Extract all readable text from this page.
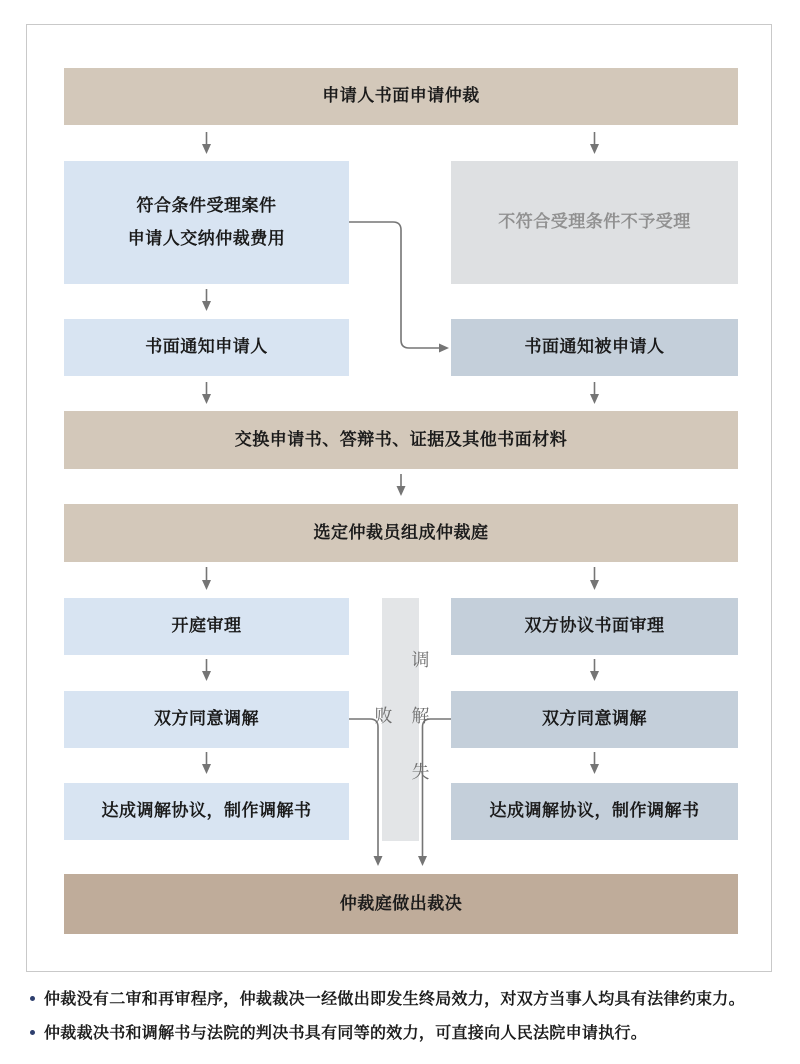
申请人书面申请仲裁
符合条件受理案件
申请人交纳仲裁费用
不符合受理条件不予受理
书面通知申请人	书面通知被申请人
交换申请书、答辩书、证据及其他书面材料
选定仲裁员组成仲裁庭
开庭审理	双方协议书面审理
双方同意调解	双方同意调解
达成调解协议，制作调解书	达成调解协议，制作调解书
调解失败
仲裁庭做出裁决
仲裁没有二审和再审程序，仲裁裁决一经做出即发生终局效力，对双方当事人均具有法律约束力。
仲裁裁决书和调解书与法院的判决书具有同等的效力，可直接向人民法院申请执行。
